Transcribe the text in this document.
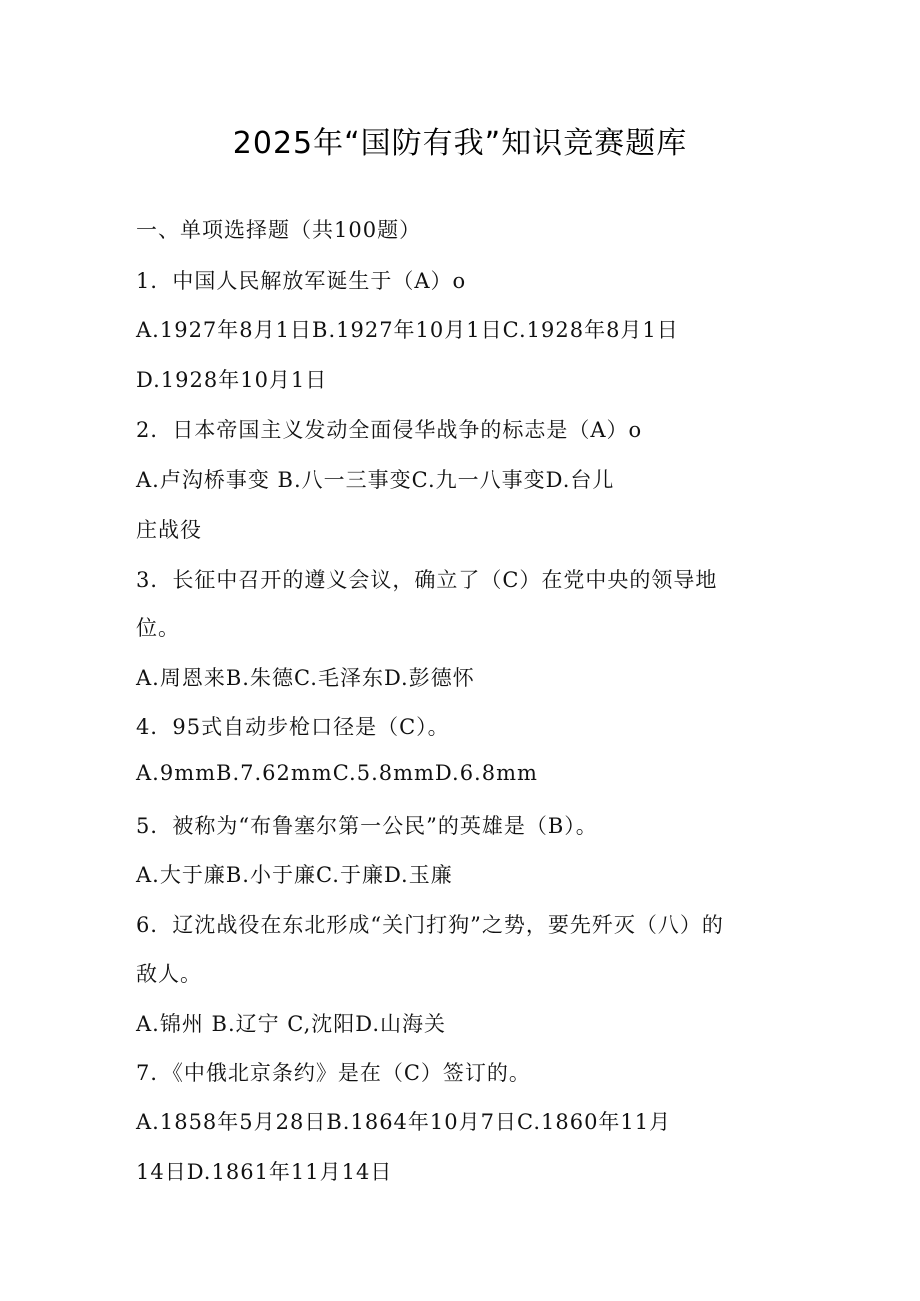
2025年“国防有我”知识竞赛题库
一、单项选择题（共100题）
1．中国人民解放军诞生于（A）o
A.1927年8月1日B.1927年10月1日C.1928年8月1日
D.1928年10月1日
2．日本帝国主义发动全面侵华战争的标志是（A）o
A.卢沟桥事变 B.八一三事变C.九一八事变D.台儿
庄战役
3．长征中召开的遵义会议，确立了（C）在党中央的领导地
位。
A.周恩来B.朱德C.毛泽东D.彭德怀
4．95式自动步枪口径是（C）。
A.9mmB.7.62mmC.5.8mmD.6.8mm
5．被称为“布鲁塞尔第一公民”的英雄是（B）。
A.大于廉B.小于廉C.于廉D.玉廉
6．辽沈战役在东北形成“关门打狗”之势，要先歼灭（八）的
敌人。
A.锦州 B.辽宁 C,沈阳D.山海关
7．《中俄北京条约》是在（C）签订的。
A.1858年5月28日B.1864年10月7日C.1860年11月
14日D.1861年11月14日
